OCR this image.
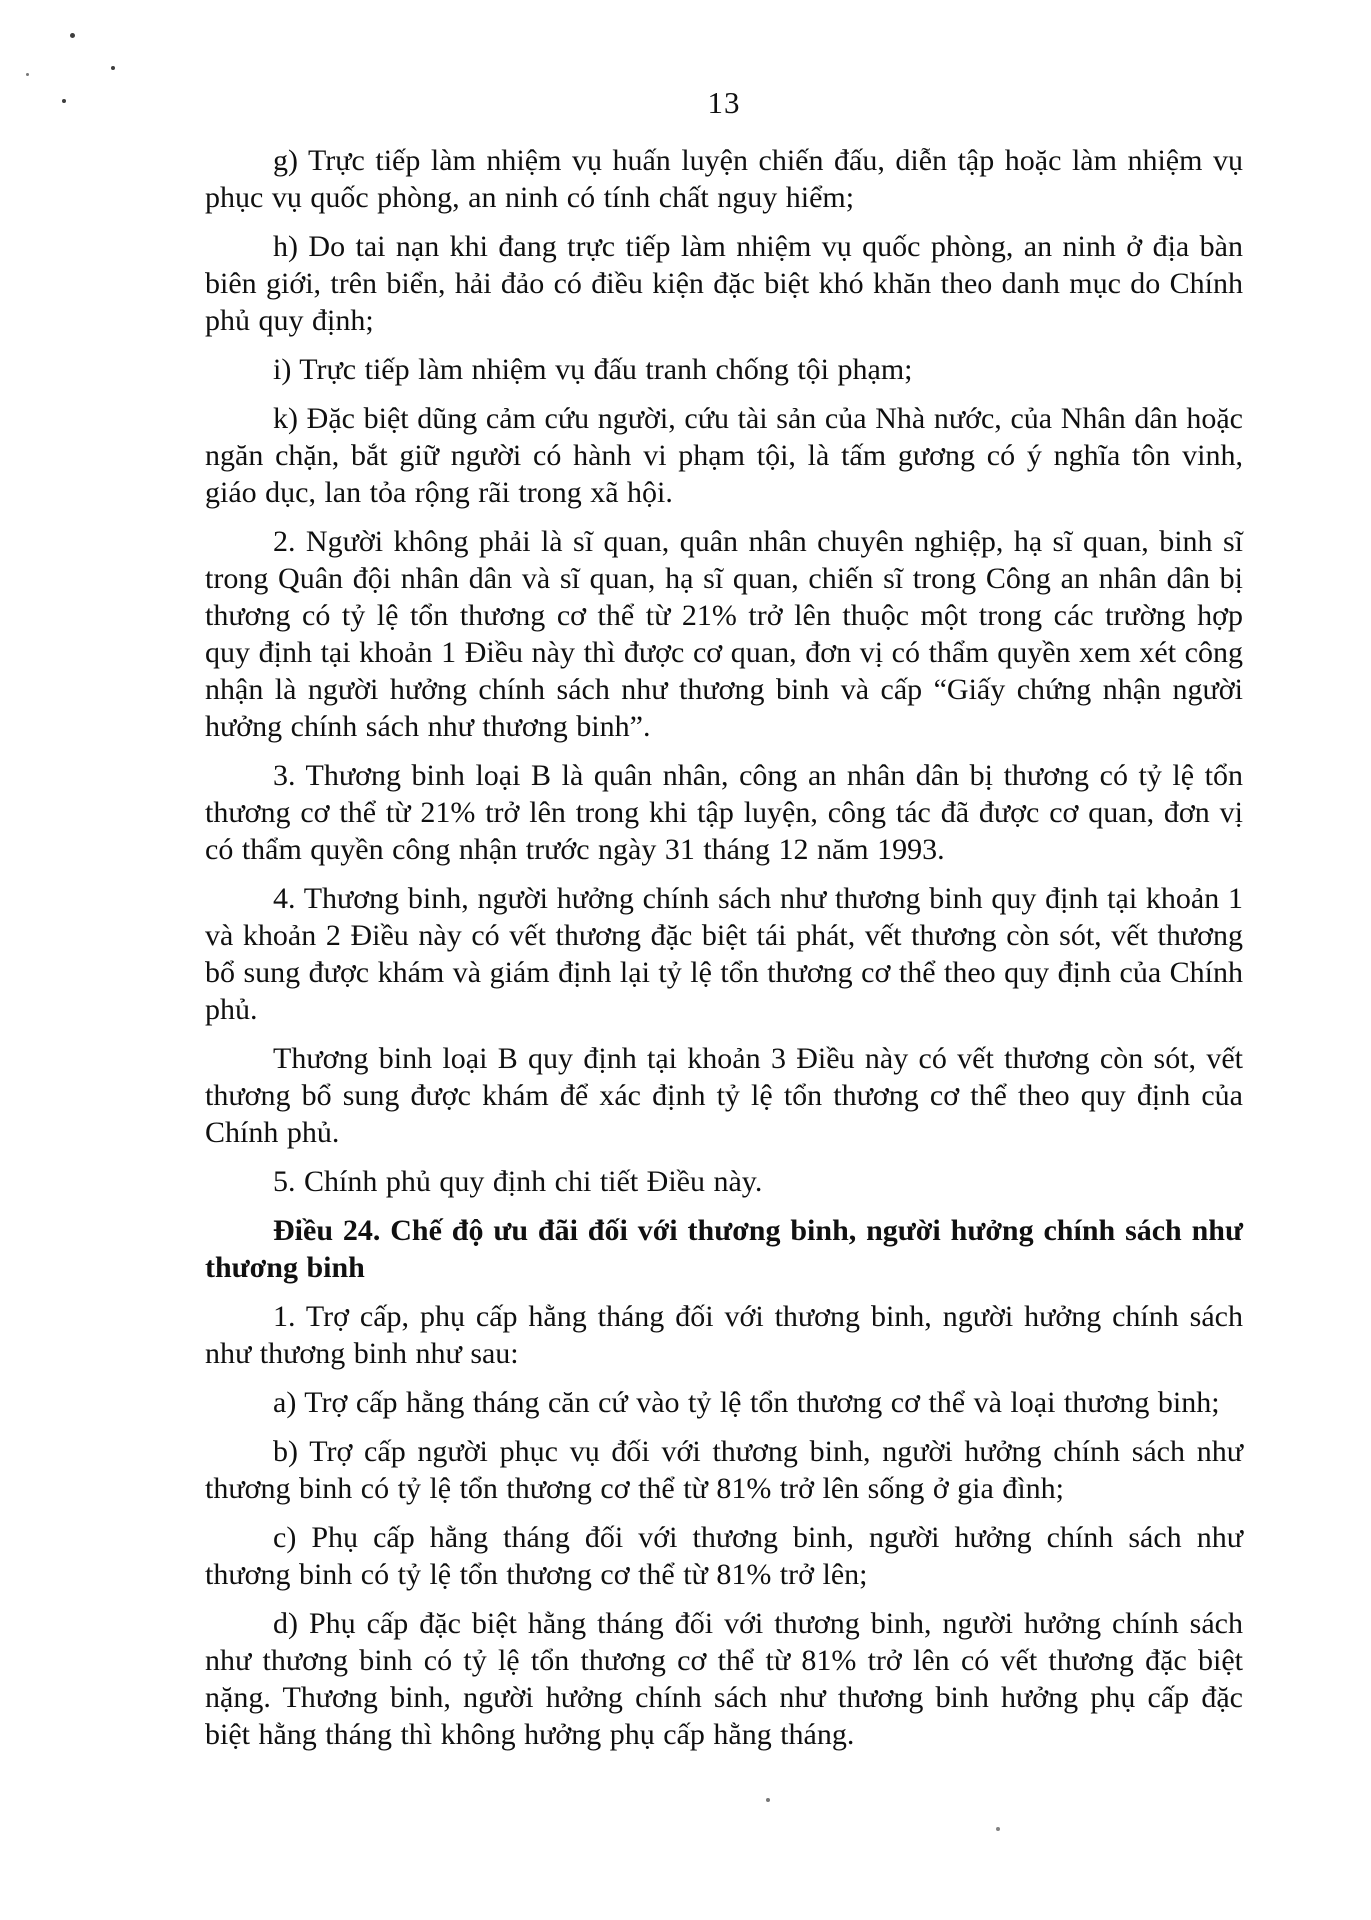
13

g) Trực tiếp làm nhiệm vụ huấn luyện chiến đấu, diễn tập hoặc làm nhiệm vụ phục vụ quốc phòng, an ninh có tính chất nguy hiểm;

h) Do tai nạn khi đang trực tiếp làm nhiệm vụ quốc phòng, an ninh ở địa bàn biên giới, trên biển, hải đảo có điều kiện đặc biệt khó khăn theo danh mục do Chính phủ quy định;

i) Trực tiếp làm nhiệm vụ đấu tranh chống tội phạm;

k) Đặc biệt dũng cảm cứu người, cứu tài sản của Nhà nước, của Nhân dân hoặc ngăn chặn, bắt giữ người có hành vi phạm tội, là tấm gương có ý nghĩa tôn vinh, giáo dục, lan tỏa rộng rãi trong xã hội.

2. Người không phải là sĩ quan, quân nhân chuyên nghiệp, hạ sĩ quan, binh sĩ trong Quân đội nhân dân và sĩ quan, hạ sĩ quan, chiến sĩ trong Công an nhân dân bị thương có tỷ lệ tổn thương cơ thể từ 21% trở lên thuộc một trong các trường hợp quy định tại khoản 1 Điều này thì được cơ quan, đơn vị có thẩm quyền xem xét công nhận là người hưởng chính sách như thương binh và cấp “Giấy chứng nhận người hưởng chính sách như thương binh”.

3. Thương binh loại B là quân nhân, công an nhân dân bị thương có tỷ lệ tổn thương cơ thể từ 21% trở lên trong khi tập luyện, công tác đã được cơ quan, đơn vị có thẩm quyền công nhận trước ngày 31 tháng 12 năm 1993.

4. Thương binh, người hưởng chính sách như thương binh quy định tại khoản 1 và khoản 2 Điều này có vết thương đặc biệt tái phát, vết thương còn sót, vết thương bổ sung được khám và giám định lại tỷ lệ tổn thương cơ thể theo quy định của Chính phủ.

Thương binh loại B quy định tại khoản 3 Điều này có vết thương còn sót, vết thương bổ sung được khám để xác định tỷ lệ tổn thương cơ thể theo quy định của Chính phủ.

5. Chính phủ quy định chi tiết Điều này.

Điều 24. Chế độ ưu đãi đối với thương binh, người hưởng chính sách như thương binh

1. Trợ cấp, phụ cấp hằng tháng đối với thương binh, người hưởng chính sách như thương binh như sau:

a) Trợ cấp hằng tháng căn cứ vào tỷ lệ tổn thương cơ thể và loại thương binh;

b) Trợ cấp người phục vụ đối với thương binh, người hưởng chính sách như thương binh có tỷ lệ tổn thương cơ thể từ 81% trở lên sống ở gia đình;

c) Phụ cấp hằng tháng đối với thương binh, người hưởng chính sách như thương binh có tỷ lệ tổn thương cơ thể từ 81% trở lên;

d) Phụ cấp đặc biệt hằng tháng đối với thương binh, người hưởng chính sách như thương binh có tỷ lệ tổn thương cơ thể từ 81% trở lên có vết thương đặc biệt nặng. Thương binh, người hưởng chính sách như thương binh hưởng phụ cấp đặc biệt hằng tháng thì không hưởng phụ cấp hằng tháng.
